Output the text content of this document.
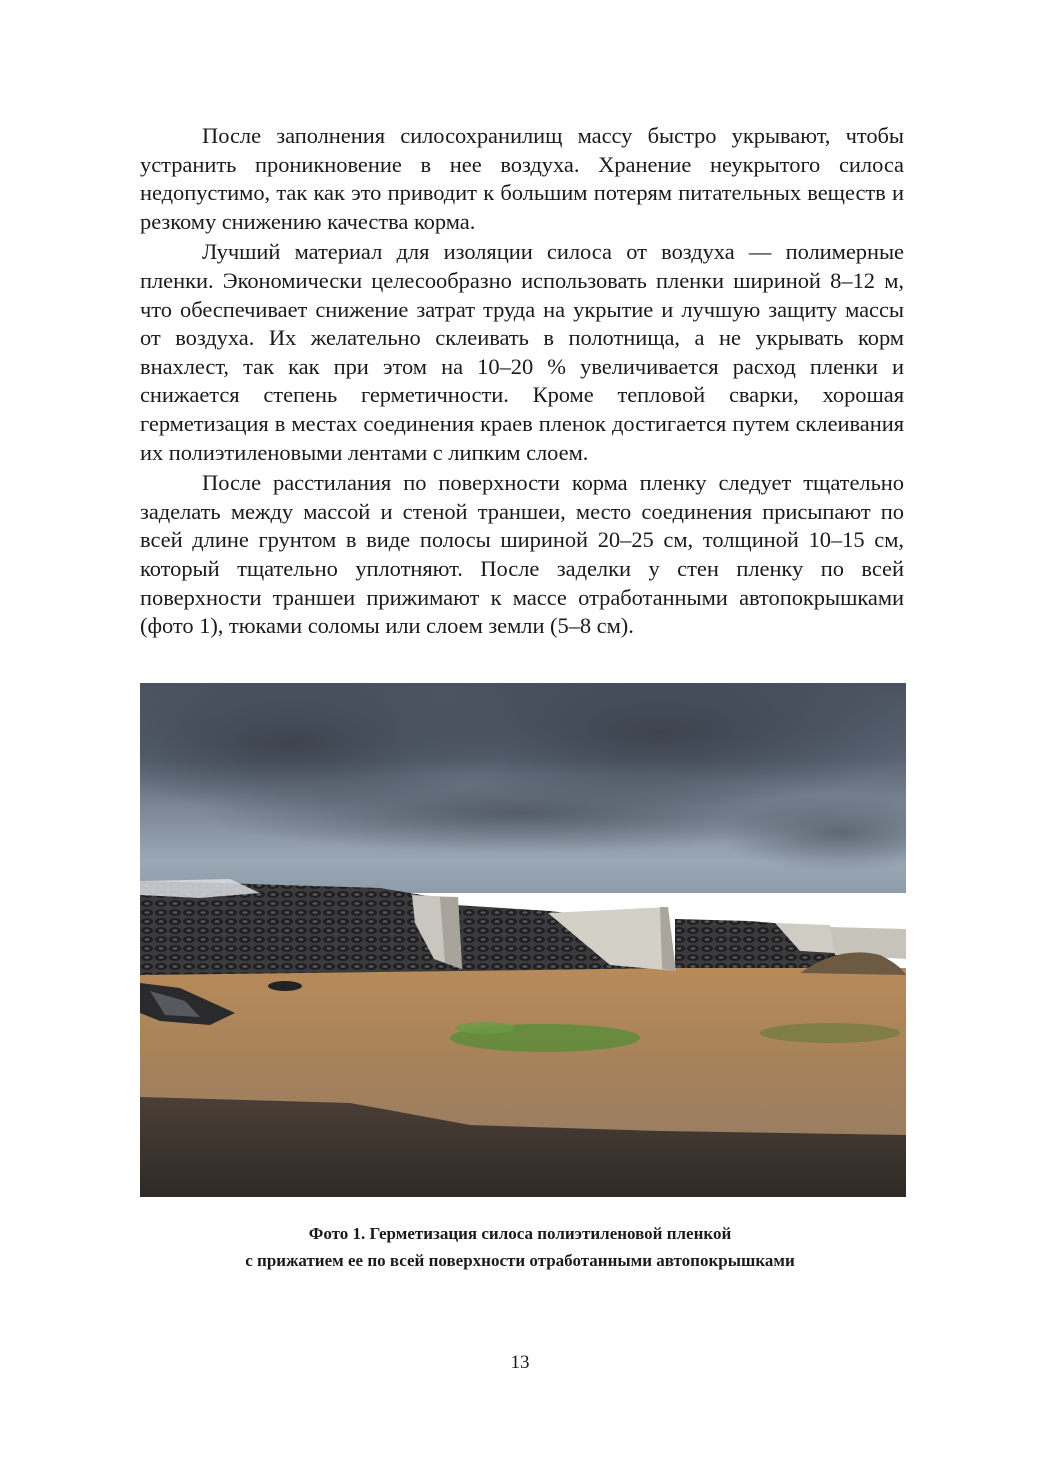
После заполнения силосохранилищ массу быстро укрывают, чтобы устранить проникновение в нее воздуха. Хранение неукрытого силоса недопустимо, так как это приводит к большим потерям питательных веществ и резкому снижению качества корма.

Лучший материал для изоляции силоса от воздуха — полимерные пленки. Экономически целесообразно использовать пленки шириной 8–12 м, что обеспечивает снижение затрат труда на укрытие и лучшую защиту массы от воздуха. Их желательно склеивать в полотнища, а не укрывать корм внахлест, так как при этом на 10–20 % увеличивается расход пленки и снижается степень герметичности. Кроме тепловой сварки, хорошая герметизация в местах соединения краев пленок достигается путем склеивания их полиэтиленовыми лентами с липким слоем.

После расстилания по поверхности корма пленку следует тщательно заделать между массой и стеной траншеи, место соединения присыпают по всей длине грунтом в виде полосы шириной 20–25 см, толщиной 10–15 см, который тщательно уплотняют. После заделки у стен пленку по всей поверхности траншеи прижимают к массе отработанными автопокрышками (фото 1), тюками соломы или слоем земли (5–8 см).

Фото 1. Герметизация силоса полиэтиленовой пленкой
с прижатием ее по всей поверхности отработанными автопокрышками
13
